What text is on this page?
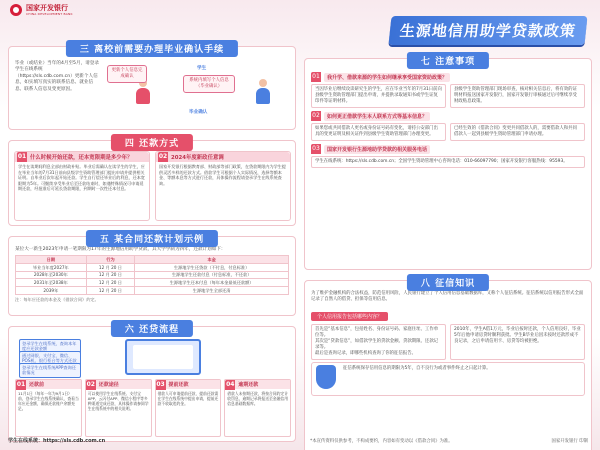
国家开发银行
CHINA DEVELOPMENT BANK
生源地信用助学贷款政策
三 离校前需要办理毕业确认手续
毕业（或结业）当年的4月至5月，请登录学生在线系统（https://sls.cdb.com.cn）更新个人信息，如实填写真实的联系信息、就业信息、联系人信息及变更原因。
更新个人信息完成确认
学生
系统内填写个人信息（毕业确认）
毕业确认
四 还款方式
01 什么时候开始还款，还本宽限期是多少年？
学生在读期间利息全部由财政补贴。毕业后需确认在读学生的学生，应在毕业当年的7月31日前向县级学生资助管理部门提出申请并提供相关证明。自毕业后次年起开始还款。学生自行偿还毕业后的利息，还本宽限期为5年。可继续享受毕业后至还款结束时，如遇特殊情况可申请延期还款，经批准后可延长贷款期限，到期时一次性还本付息。
02 2024年度新政任意调
国家开发银行根据教育部、财政部等部门政策，在贷款期限内为学生提供灵活多样的还款方式。借款学生可根据个人实际情况，选择等额本金、等额本息等方式进行还款，具体操作流程请登录学生在线系统查询。
五 某合同还款计划示例
某位大一新生2023年申请一笔期限为17年的生源地信用助学贷款，其大学学制为四年，还款计划如下：
日期	行为	本金
毕业当年度2027年	12 月 20 日	生源地学生还贷款（不付息，付息标准）
2028年至2030年	12 月 20 日	生源地学生还款付息（付息标准，不还款）
2031年至2038年	12 月 20 日	生源地学生还本付息（每年本金最低还款额）
2039年	12 月 20 日	生源地学生全部还清
注：每年应还款的本金及《借款合同》约定。
六 还贷流程
登录学生在线系统，查询本年度应还款金额
通过网银、支付宝、微信、POS机、银行柜台等方式还款
登录学生在线系统APP查询还款情况
01 还款前
11月1日（每年一年为9月1日）前，登录学生在线系统确认，查看当年应还金额，确保还款账户余额充足。
02 还款途径
可以使用学生在线系统、支付宝APP、云闪付APP、微信小程序等多种渠道完成还款，具体操作请参阅学生在线系统中的相关说明。
03 提前还款
借款人可申请提前还款，提前还款需在学生在线系统中提出申请，提前还款不收取违约金。
04 逾期还款
借款人未按期还款，将按合同约定计收罚息，逾期记录将报送至金融信用信息基础数据库。
学生在线系统：https://sls.cdb.com.cn
七 注意事项
01	我升学、借款来源的学生如何继承享受国家资助政策？
当因毕业后继续攻读研究生的学生，应在毕业当年的7月31日前向县级学生资助管理部门提出申请，并提供录取通知书或学生证复印件等证明材料。
县级学生资助管理部门现场审查，核对相关信息后，将有效的证明材料报送国家开发银行，国家开发银行审核通过后可继续享受财政贴息政策。
02	如何更正借款学生本人联系方式等基本信息？
如果您或共同借款人更名或身份证号码有变化，请持公安部门出具的变更证明及相关证件到县级学生资助管理部门办理变更。
已经生效的《借款合同》变更共同借款人的，需要借款人和共同借款人一起到县级学生资助管理部门申请办理。
03	国家开发银行生源地助学贷款的相关服务电话
学生在线系统：https://sls.cdb.com.cn；全国学生资助管理中心咨询电话：010-66097790；国家开发银行客服热线：95593。
八 征信知识
为了维护金融机构的合法权益，防范信用风险，人民银行建立了个人信用信息基础数据库，又称个人征信系统。征信系统以信用报告形式全面记录了自然人的借贷、担保等信用信息。
个人信用报告包括哪些内容？
首先是“基本信息”，包括姓名、身份证号码、家庭住址、工作单位等。
其次是“贷款信息”，如借款学生的贷款金额、贷款期限、还款记录等。
最后是查询记录，即哪些机构查询了你的征信报告。
2010年，学生A借1万元，毕业后按时还款，个人信用良好，毕业5年后他申请房贷时顺利获批。学生B毕业后因未按时还款形成不良记录，之后申请信用卡、房贷等均被拒绝。
征信系统保存信用信息的期限为5年，自不良行为或者事件终止之日起计算。
*本宣传资料仅供参考，不构成要约，内容如有变动以《借款合同》为准。	国家开发银行 印制
